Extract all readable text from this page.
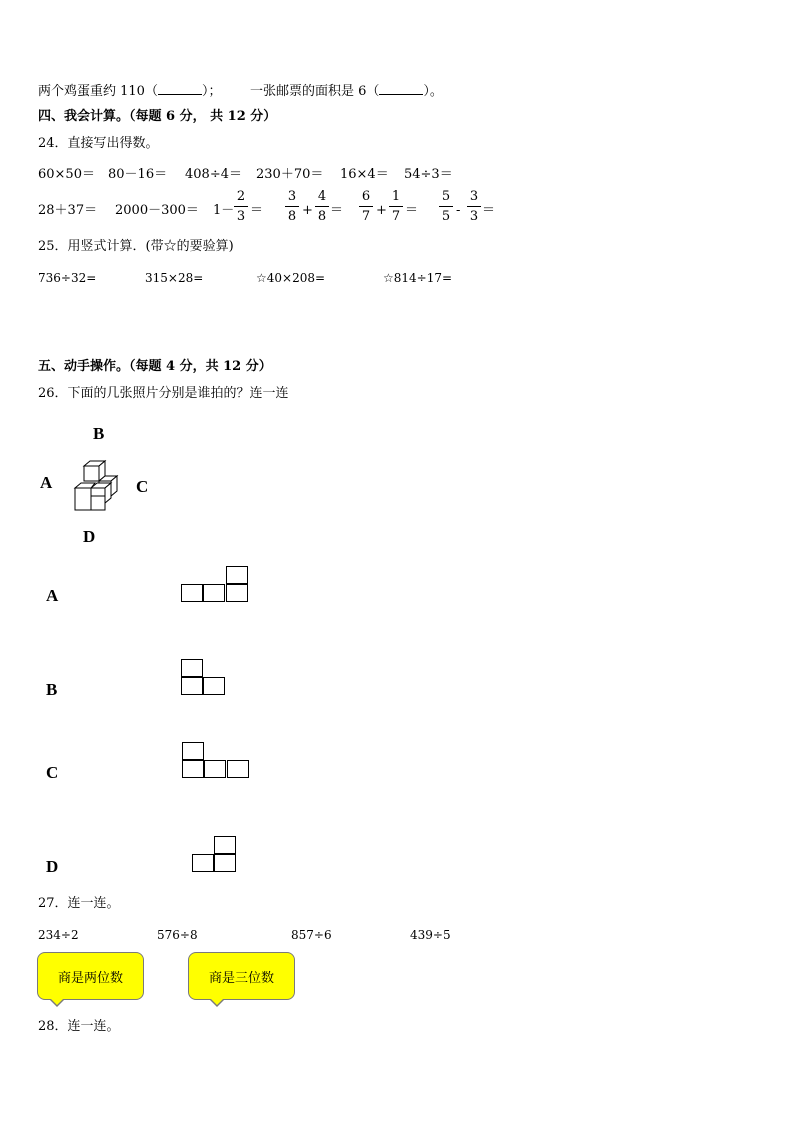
两个鸡蛋重约 110（	）； 一张邮票的面积是 6（	）。
四、我会计算。（每题 6 分， 共 12 分）
24．直接写出得数。
60×50＝ 80－16＝ 408÷4＝ 230＋70＝ 16×4＝ 54÷3＝
$28+37= 2000-300= 1- \frac{2}{3} = \frac{3}{8} + \frac{4}{8} = \frac{6}{7} + \frac{1}{7} = \frac{5}{5} - \frac{3}{3}$ ＝
25．用竖式计算．(带☆的要验算)
736÷32=	315×28=	☆40×208=	☆814÷17=
五、动手操作。（每题 4 分，共 12 分）
26．下面的几张照片分别是谁拍的？连一连
B
A	C
D
A
B
C
D
27．连一连。
234÷2	576÷8	857÷6	439÷5
商是两位数	商是三位数
28．连一连。
